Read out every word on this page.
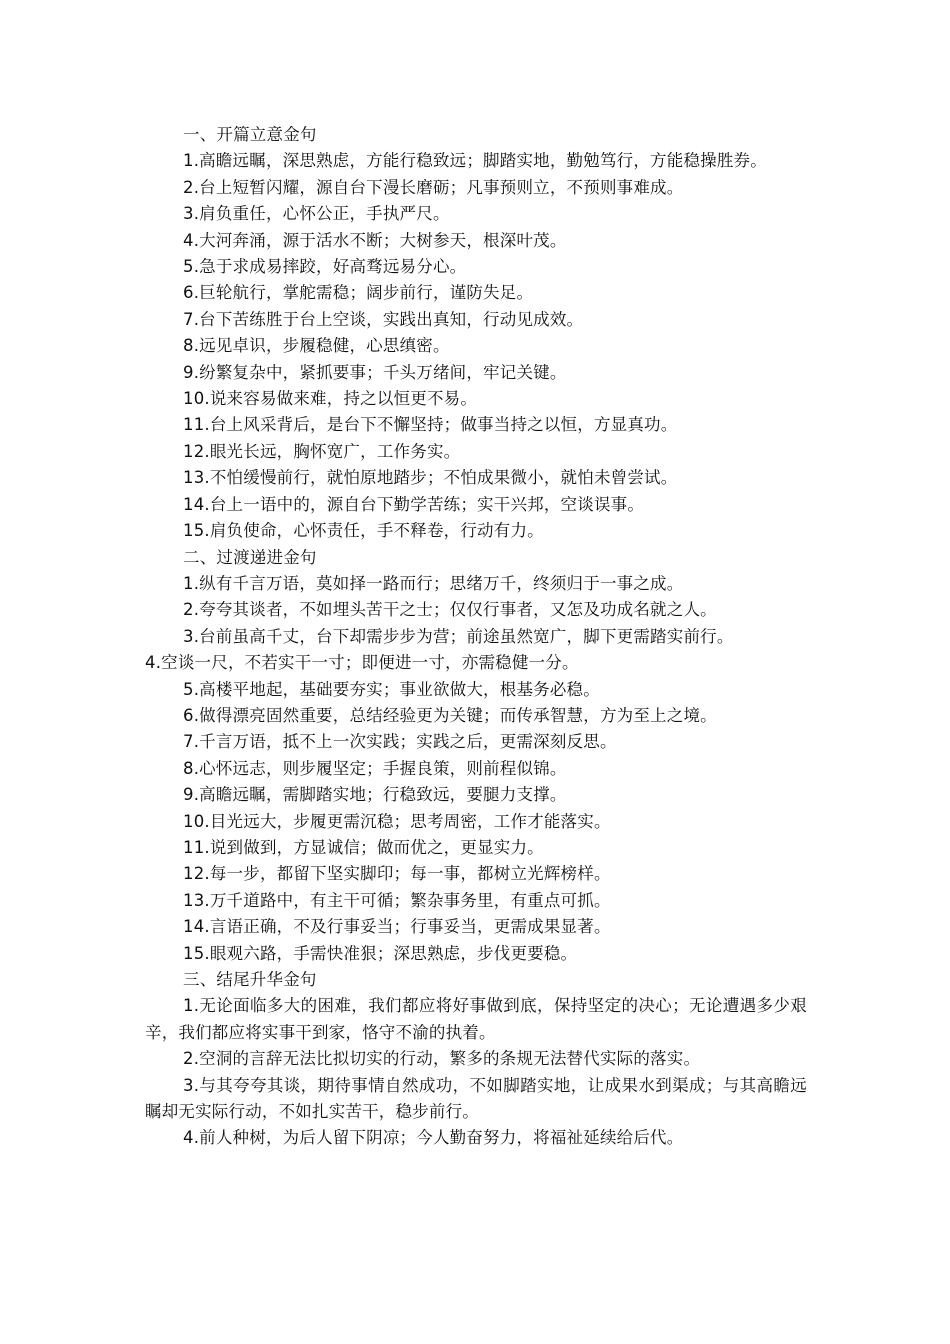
一、开篇立意金句

1.高瞻远瞩，深思熟虑，方能行稳致远；脚踏实地，勤勉笃行，方能稳操胜券。

2.台上短暂闪耀，源自台下漫长磨砺；凡事预则立，不预则事难成。

3.肩负重任，心怀公正，手执严尺。

4.大河奔涌，源于活水不断；大树参天，根深叶茂。

5.急于求成易摔跤，好高骛远易分心。

6.巨轮航行，掌舵需稳；阔步前行，谨防失足。

7.台下苦练胜于台上空谈，实践出真知，行动见成效。

8.远见卓识，步履稳健，心思缜密。

9.纷繁复杂中，紧抓要事；千头万绪间，牢记关键。

10.说来容易做来难，持之以恒更不易。

11.台上风采背后，是台下不懈坚持；做事当持之以恒，方显真功。

12.眼光长远，胸怀宽广，工作务实。

13.不怕缓慢前行，就怕原地踏步；不怕成果微小，就怕未曾尝试。

14.台上一语中的，源自台下勤学苦练；实干兴邦，空谈误事。

15.肩负使命，心怀责任，手不释卷，行动有力。

二、过渡递进金句

1.纵有千言万语，莫如择一路而行；思绪万千，终须归于一事之成。

2.夸夸其谈者，不如埋头苦干之士；仅仅行事者，又怎及功成名就之人。

3.台前虽高千丈，台下却需步步为营；前途虽然宽广，脚下更需踏实前行。

4.空谈一尺，不若实干一寸；即便进一寸，亦需稳健一分。

5.高楼平地起，基础要夯实；事业欲做大，根基务必稳。

6.做得漂亮固然重要，总结经验更为关键；而传承智慧，方为至上之境。

7.千言万语，抵不上一次实践；实践之后，更需深刻反思。

8.心怀远志，则步履坚定；手握良策，则前程似锦。

9.高瞻远瞩，需脚踏实地；行稳致远，要腿力支撑。

10.目光远大，步履更需沉稳；思考周密，工作才能落实。

11.说到做到，方显诚信；做而优之，更显实力。

12.每一步，都留下坚实脚印；每一事，都树立光辉榜样。

13.万千道路中，有主干可循；繁杂事务里，有重点可抓。

14.言语正确，不及行事妥当；行事妥当，更需成果显著。

15.眼观六路，手需快准狠；深思熟虑，步伐更要稳。

三、结尾升华金句

1.无论面临多大的困难，我们都应将好事做到底，保持坚定的决心；无论遭遇多少艰辛，我们都应将实事干到家，恪守不渝的执着。

2.空洞的言辞无法比拟切实的行动，繁多的条规无法替代实际的落实。

3.与其夸夸其谈，期待事情自然成功，不如脚踏实地，让成果水到渠成；与其高瞻远瞩却无实际行动，不如扎实苦干，稳步前行。

4.前人种树，为后人留下阴凉；今人勤奋努力，将福祉延续给后代。
